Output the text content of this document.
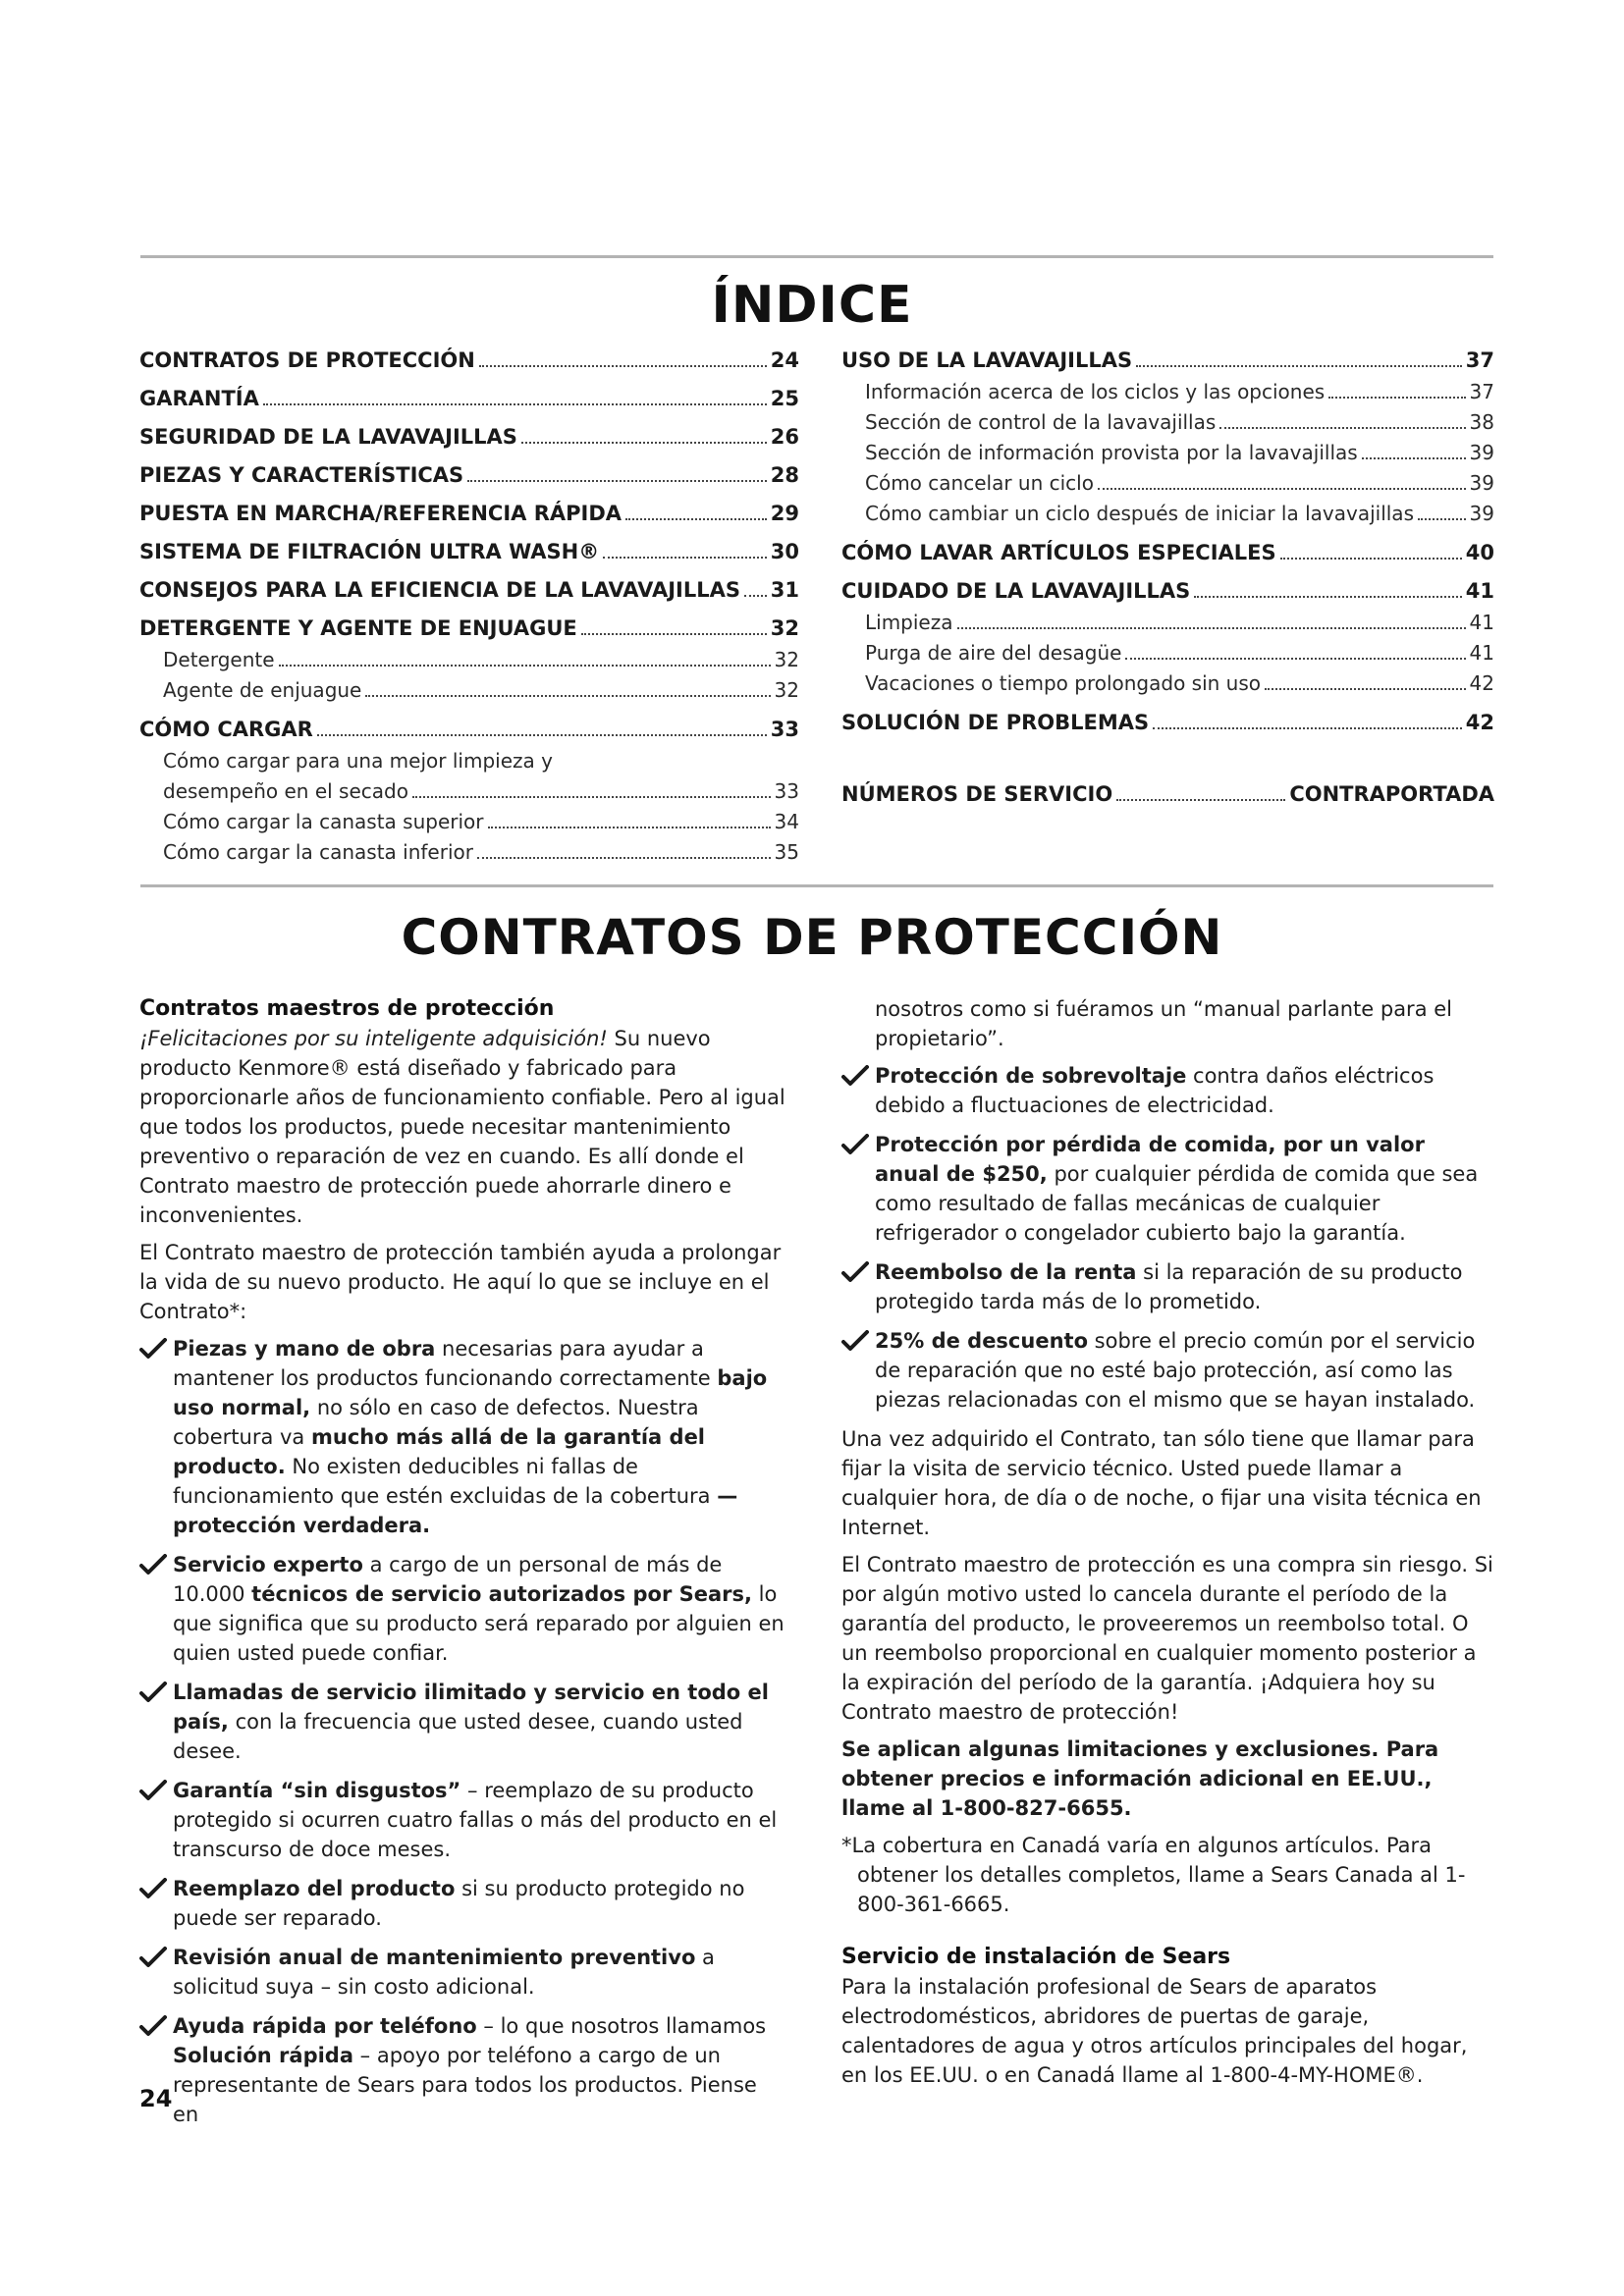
ÍNDICE
CONTRATOS DE PROTECCIÓN	24
GARANTÍA	25
SEGURIDAD DE LA LAVAVAJILLAS	26
PIEZAS Y CARACTERÍSTICAS	28
PUESTA EN MARCHA/REFERENCIA RÁPIDA	29
SISTEMA DE FILTRACIÓN ULTRA WASH®	30
CONSEJOS PARA LA EFICIENCIA DE LA LAVAVAJILLAS 31
DETERGENTE Y AGENTE DE ENJUAGUE	32
Detergente	32
Agente de enjuague	32
CÓMO CARGAR	33
Cómo cargar para una mejor limpieza y
desempeño en el secado	33
Cómo cargar la canasta superior	34
Cómo cargar la canasta inferior	35
USO DE LA LAVAVAJILLAS	37
Información acerca de los ciclos y las opciones	37
Sección de control de la lavavajillas	38
Sección de información provista por la lavavajillas	39
Cómo cancelar un ciclo	39
Cómo cambiar un ciclo después de iniciar la lavavajillas	39
CÓMO LAVAR ARTÍCULOS ESPECIALES	40
CUIDADO DE LA LAVAVAJILLAS	41
Limpieza	41
Purga de aire del desagüe	41
Vacaciones o tiempo prolongado sin uso	42
SOLUCIÓN DE PROBLEMAS	42
NÚMEROS DE SERVICIO	CONTRAPORTADA
CONTRATOS DE PROTECCIÓN
Contratos maestros de protección

¡Felicitaciones por su inteligente adquisición! Su nuevo producto Kenmore® está diseñado y fabricado para proporcionarle años de funcionamiento confiable. Pero al igual que todos los productos, puede necesitar mantenimiento preventivo o reparación de vez en cuando. Es allí donde el Contrato maestro de protección puede ahorrarle dinero e inconvenientes.

El Contrato maestro de protección también ayuda a prolongar la vida de su nuevo producto. He aquí lo que se incluye en el Contrato*:

Piezas y mano de obra necesarias para ayudar a mantener los productos funcionando correctamente bajo uso normal, no sólo en caso de defectos. Nuestra cobertura va mucho más allá de la garantía del producto. No existen deducibles ni fallas de funcionamiento que estén excluidas de la cobertura — protección verdadera.
Servicio experto a cargo de un personal de más de 10.000 técnicos de servicio autorizados por Sears, lo que significa que su producto será reparado por alguien en quien usted puede confiar.
Llamadas de servicio ilimitado y servicio en todo el país, con la frecuencia que usted desee, cuando usted desee.
Garantía “sin disgustos” – reemplazo de su producto protegido si ocurren cuatro fallas o más del producto en el transcurso de doce meses.
Reemplazo del producto si su producto protegido no puede ser reparado.
Revisión anual de mantenimiento preventivo a solicitud suya – sin costo adicional.
Ayuda rápida por teléfono – lo que nosotros llamamos Solución rápida – apoyo por teléfono a cargo de un representante de Sears para todos los productos. Piense en

nosotros como si fuéramos un “manual parlante para el propietario”.

Protección de sobrevoltaje contra daños eléctricos debido a fluctuaciones de electricidad.
Protección por pérdida de comida, por un valor anual de $250, por cualquier pérdida de comida que sea como resultado de fallas mecánicas de cualquier refrigerador o congelador cubierto bajo la garantía.
Reembolso de la renta si la reparación de su producto protegido tarda más de lo prometido.
25% de descuento sobre el precio común por el servicio de reparación que no esté bajo protección, así como las piezas relacionadas con el mismo que se hayan instalado.

Una vez adquirido el Contrato, tan sólo tiene que llamar para fijar la visita de servicio técnico. Usted puede llamar a cualquier hora, de día o de noche, o fijar una visita técnica en Internet.

El Contrato maestro de protección es una compra sin riesgo. Si por algún motivo usted lo cancela durante el período de la garantía del producto, le proveeremos un reembolso total. O un reembolso proporcional en cualquier momento posterior a la expiración del período de la garantía. ¡Adquiera hoy su Contrato maestro de protección!

Se aplican algunas limitaciones y exclusiones. Para obtener precios e información adicional en EE.UU., llame al 1-800-827-6655.

*La cobertura en Canadá varía en algunos artículos. Para obtener los detalles completos, llame a Sears Canada al 1-800-361-6665.

Servicio de instalación de Sears

Para la instalación profesional de Sears de aparatos electrodomésticos, abridores de puertas de garaje, calentadores de agua y otros artículos principales del hogar, en los EE.UU. o en Canadá llame al 1-800-4-MY-HOME®.

24
